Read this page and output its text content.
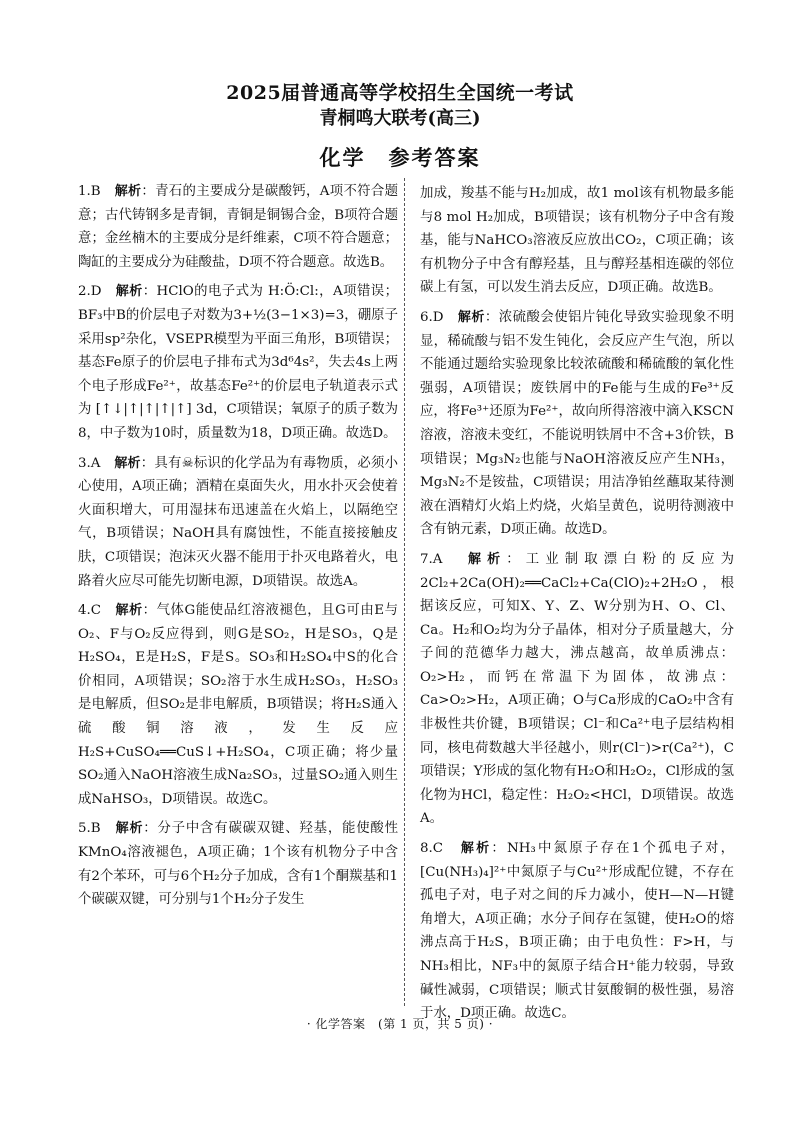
2025届普通高等学校招生全国统一考试
青桐鸣大联考(高三)
化学　参考答案

1.B　 解析：青石的主要成分是碳酸钙，A项不符合题意；古代铸钢多是青铜，青铜是铜锡合金，B项符合题意；金丝楠木的主要成分是纤维素，C项不符合题意；陶缸的主要成分为硅酸盐，D项不符合题意。故选B。

2.D　 解析：HClO的电子式为 H:Ö:Cl:，A项错误；BF₃中B的价层电子对数为3+½(3−1×3)=3，硼原子采用sp²杂化，VSEPR模型为平面三角形，B项错误；基态Fe原子的价层电子排布式为3d⁶4s²，失去4s上两个电子形成Fe²⁺，故基态Fe²⁺的价层电子轨道表示式为 [↑↓|↑|↑|↑|↑] 3d，C项错误；氧原子的质子数为8，中子数为10时，质量数为18，D项正确。故选D。

3.A　 解析：具有☠标识的化学品为有毒物质，必须小心使用，A项正确；酒精在桌面失火，用水扑灭会使着火面积增大，可用湿抹布迅速盖在火焰上，以隔绝空气，B项错误；NaOH具有腐蚀性，不能直接接触皮肤，C项错误；泡沫灭火器不能用于扑灭电路着火，电路着火应尽可能先切断电源，D项错误。故选A。

4.C　 解析：气体G能使品红溶液褪色，且G可由E与O₂、F与O₂反应得到，则G是SO₂，H是SO₃，Q是H₂SO₄，E是H₂S，F是S。SO₃和H₂SO₄中S的化合价相同，A项错误；SO₂溶于水生成H₂SO₃，H₂SO₃是电解质，但SO₂是非电解质，B项错误；将H₂S通入硫酸铜溶液，发生反应H₂S+CuSO₄══CuS↓+H₂SO₄，C项正确；将少量SO₂通入NaOH溶液生成Na₂SO₃，过量SO₂通入则生成NaHSO₃，D项错误。故选C。

5.B　 解析：分子中含有碳碳双键、羟基，能使酸性KMnO₄溶液褪色，A项正确；1个该有机物分子中含有2个苯环，可与6个H₂分子加成，含有1个酮羰基和1个碳碳双键，可分别与1个H₂分子发生

加成，羧基不能与H₂加成，故1 mol该有机物最多能与8 mol H₂加成，B项错误；该有机物分子中含有羧基，能与NaHCO₃溶液反应放出CO₂，C项正确；该有机物分子中含有醇羟基，且与醇羟基相连碳的邻位碳上有氢，可以发生消去反应，D项正确。故选B。

6.D　 解析：浓硫酸会使铝片钝化导致实验现象不明显，稀硫酸与铝不发生钝化，会反应产生气泡，所以不能通过题给实验现象比较浓硫酸和稀硫酸的氧化性强弱，A项错误；废铁屑中的Fe能与生成的Fe³⁺反应，将Fe³⁺还原为Fe²⁺，故向所得溶液中滴入KSCN溶液，溶液未变红，不能说明铁屑中不含+3价铁，B项错误；Mg₃N₂也能与NaOH溶液反应产生NH₃，Mg₃N₂不是铵盐，C项错误；用洁净铂丝蘸取某待测液在酒精灯火焰上灼烧，火焰呈黄色，说明待测液中含有钠元素，D项正确。故选D。

7.A　 解析：工业制取漂白粉的反应为2Cl₂+2Ca(OH)₂══CaCl₂+Ca(ClO)₂+2H₂O，根据该反应，可知X、Y、Z、W分别为H、O、Cl、Ca。H₂和O₂均为分子晶体，相对分子质量越大，分子间的范德华力越大，沸点越高，故单质沸点：O₂>H₂，而钙在常温下为固体，故沸点：Ca>O₂>H₂，A项正确；O与Ca形成的CaO₂中含有非极性共价键，B项错误；Cl⁻和Ca²⁺电子层结构相同，核电荷数越大半径越小，则r(Cl⁻)>r(Ca²⁺)，C项错误；Y形成的氢化物有H₂O和H₂O₂，Cl形成的氢化物为HCl，稳定性：H₂O₂<HCl，D项错误。故选A。

8.C　 解析：NH₃中氮原子存在1个孤电子对，[Cu(NH₃)₄]²⁺中氮原子与Cu²⁺形成配位键，不存在孤电子对，电子对之间的斥力减小，使H—N—H键角增大，A项正确；水分子间存在氢键，使H₂O的熔沸点高于H₂S，B项正确；由于电负性：F>H，与NH₃相比，NF₃中的氮原子结合H⁺能力较弱，导致碱性减弱，C项错误；顺式甘氨酸铜的极性强，易溶于水，D项正确。故选C。

· 化学答案　(第 1 页，共 5 页) ·
